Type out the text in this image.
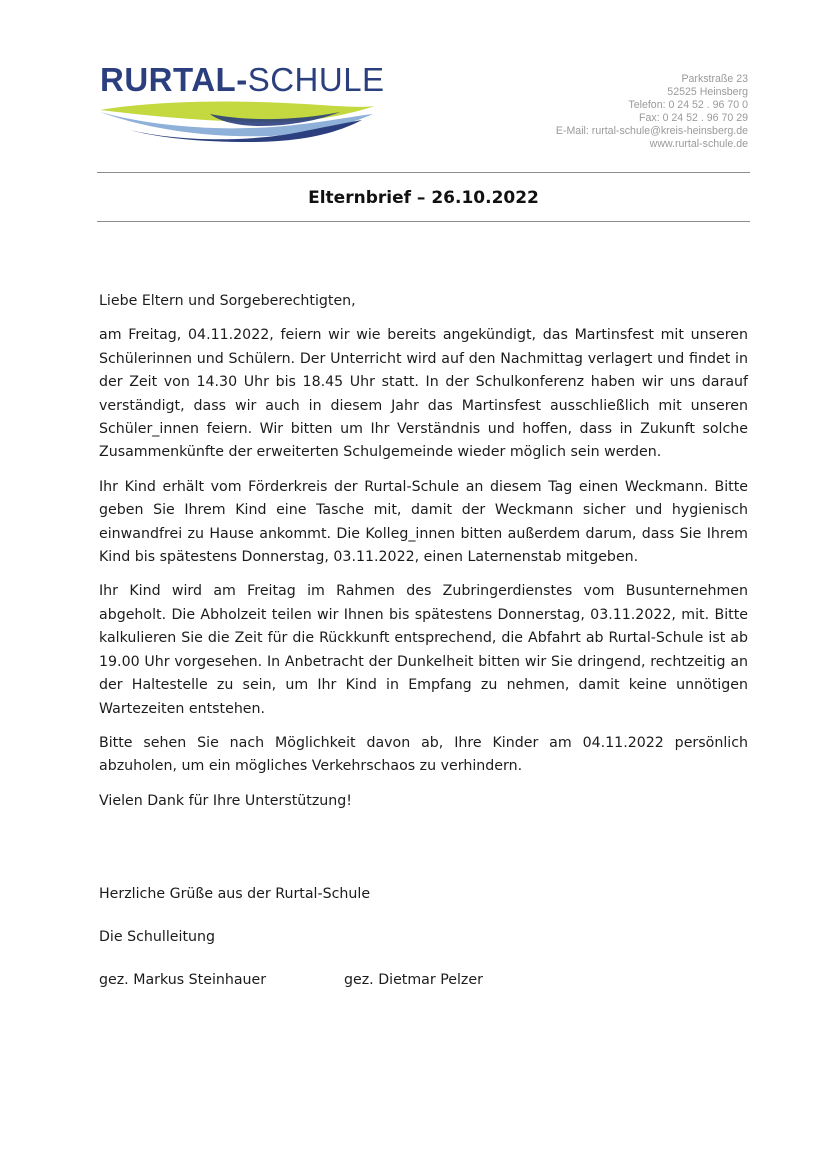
RURTAL-SCHULE	Parkstraße 23
52525 Heinsberg
Telefon: 0 24 52 . 96 70 0
Fax: 0 24 52 . 96 70 29
E-Mail: rurtal-schule@kreis-heinsberg.de
www.rurtal-schule.de
Elternbrief – 26.10.2022

Liebe Eltern und Sorgeberechtigten,

am Freitag, 04.11.2022, feiern wir wie bereits angekündigt, das Martinsfest mit unseren Schülerinnen und Schülern. Der Unterricht wird auf den Nachmittag verlagert und findet in der Zeit von 14.30 Uhr bis 18.45 Uhr statt. In der Schulkonferenz haben wir uns darauf verständigt, dass wir auch in diesem Jahr das Martinsfest ausschließlich mit unseren Schüler_innen feiern. Wir bitten um Ihr Verständnis und hoffen, dass in Zukunft solche Zusammenkünfte der erweiterten Schulgemeinde wieder möglich sein werden.

Ihr Kind erhält vom Förderkreis der Rurtal-Schule an diesem Tag einen Weckmann. Bitte geben Sie Ihrem Kind eine Tasche mit, damit der Weckmann sicher und hygienisch einwandfrei zu Hause ankommt. Die Kolleg_innen bitten außerdem darum, dass Sie Ihrem Kind bis spätestens Donnerstag, 03.11.2022, einen Laternenstab mitgeben.

Ihr Kind wird am Freitag im Rahmen des Zubringerdienstes vom Busunternehmen abgeholt. Die Abholzeit teilen wir Ihnen bis spätestens Donnerstag, 03.11.2022, mit. Bitte kalkulieren Sie die Zeit für die Rückkunft entsprechend, die Abfahrt ab Rurtal-Schule ist ab 19.00 Uhr vorgesehen. In Anbetracht der Dunkelheit bitten wir Sie dringend, rechtzeitig an der Haltestelle zu sein, um Ihr Kind in Empfang zu nehmen, damit keine unnötigen Wartezeiten entstehen.

Bitte sehen Sie nach Möglichkeit davon ab, Ihre Kinder am 04.11.2022 persönlich abzuholen, um ein mögliches Verkehrschaos zu verhindern.

Vielen Dank für Ihre Unterstützung!

Herzliche Grüße aus der Rurtal-Schule

Die Schulleitung

gez. Markus Steinhauer	gez. Dietmar Pelzer
